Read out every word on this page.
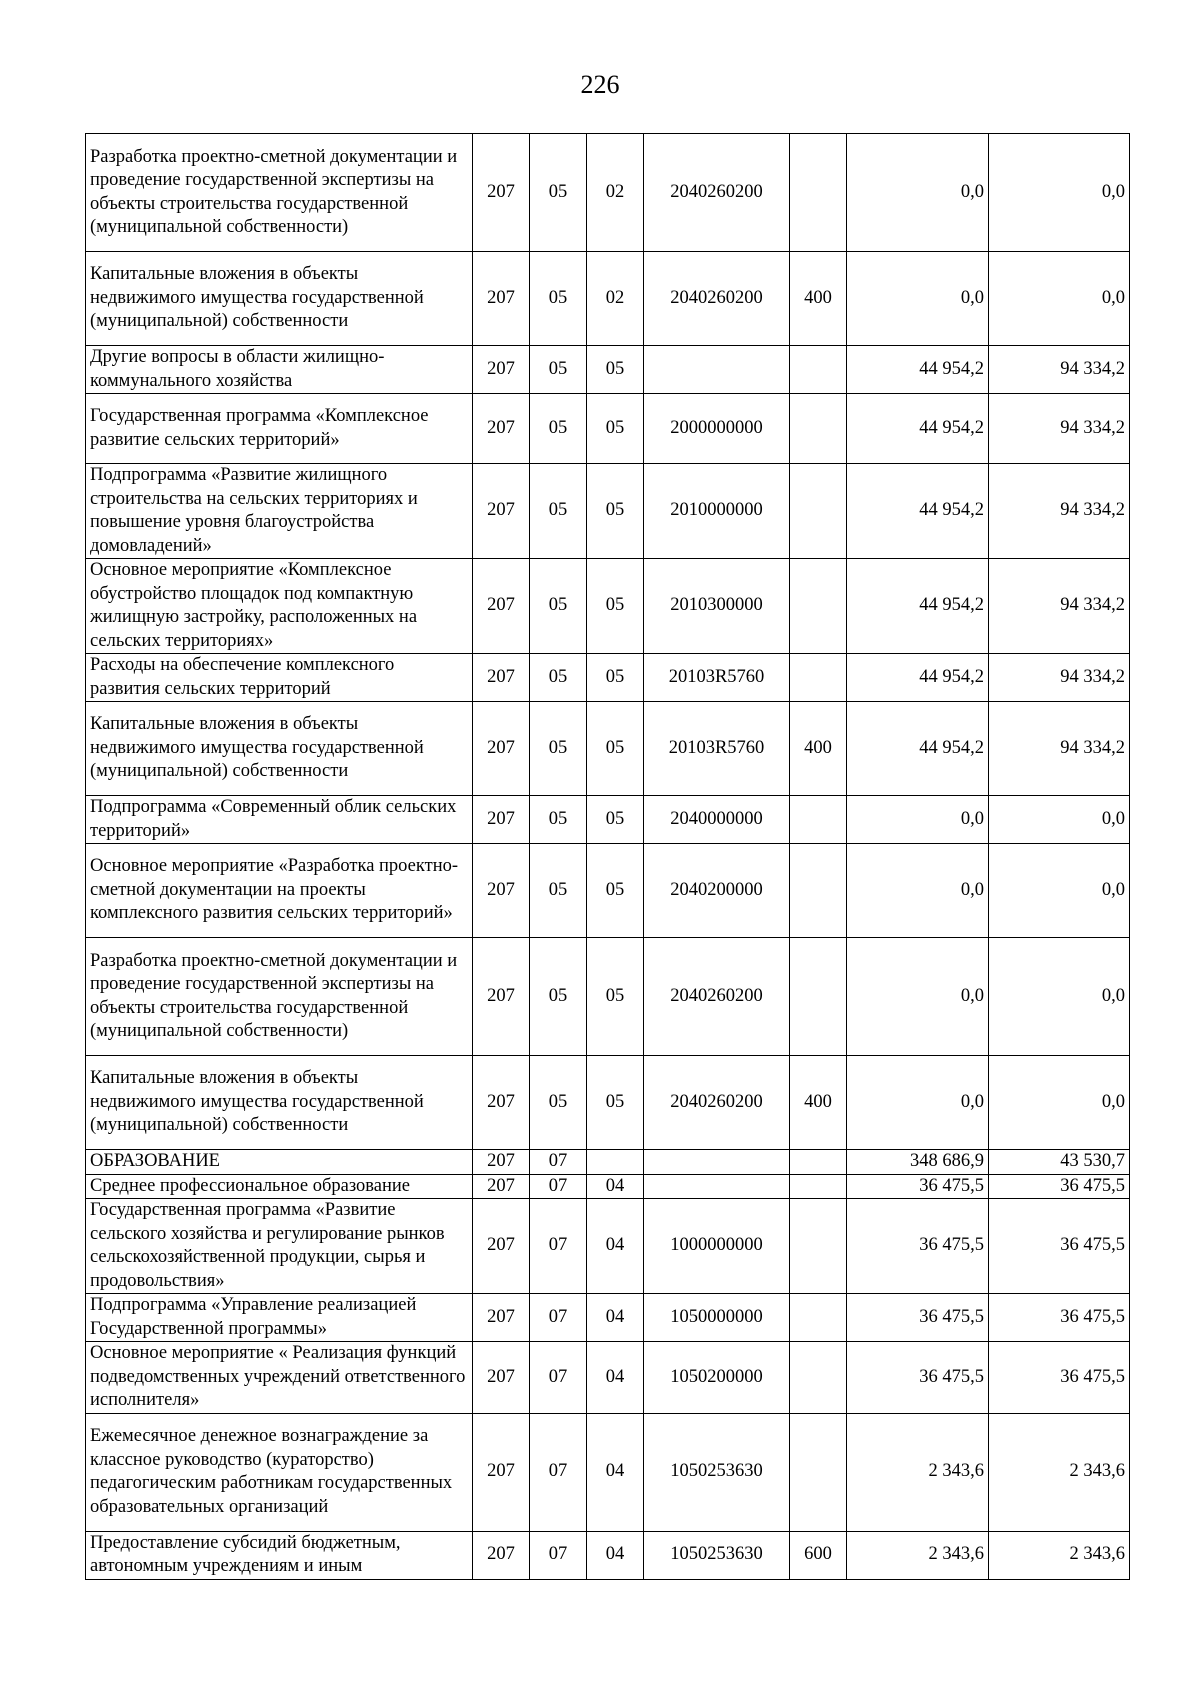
226
Разработка проектно-сметной документации и проведение государственной экспертизы на объекты строительства государственной (муниципальной собственности)	207	05	02	2040260200		0,0	0,0
Капитальные вложения в объекты недвижимого имущества государственной (муниципальной) собственности	207	05	02	2040260200	400	0,0	0,0
Другие вопросы в области жилищно-коммунального хозяйства	207	05	05			44 954,2	94 334,2
Государственная программа «Комплексное развитие сельских территорий»	207	05	05	2000000000		44 954,2	94 334,2
Подпрограмма «Развитие жилищного строительства на сельских территориях и повышение уровня благоустройства домовладений»	207	05	05	2010000000		44 954,2	94 334,2
Основное мероприятие «Комплексное обустройство площадок под компактную жилищную застройку, расположенных на сельских территориях»	207	05	05	2010300000		44 954,2	94 334,2
Расходы на обеспечение комплексного развития сельских территорий	207	05	05	20103R5760		44 954,2	94 334,2
Капитальные вложения в объекты недвижимого имущества государственной (муниципальной) собственности	207	05	05	20103R5760	400	44 954,2	94 334,2
Подпрограмма «Современный облик сельских территорий»	207	05	05	2040000000		0,0	0,0
Основное мероприятие «Разработка проектно- сметной документации на проекты комплексного развития сельских территорий»	207	05	05	2040200000		0,0	0,0
Разработка проектно-сметной документации и проведение государственной экспертизы на объекты строительства государственной (муниципальной собственности)	207	05	05	2040260200		0,0	0,0
Капитальные вложения в объекты недвижимого имущества государственной (муниципальной) собственности	207	05	05	2040260200	400	0,0	0,0
ОБРАЗОВАНИЕ	207	07				348 686,9	43 530,7
Среднее профессиональное образование	207	07	04			36 475,5	36 475,5
Государственная программа «Развитие сельского хозяйства и регулирование рынков сельскохозяйственной продукции, сырья и продовольствия»	207	07	04	1000000000		36 475,5	36 475,5
Подпрограмма «Управление реализацией Государственной программы»	207	07	04	1050000000		36 475,5	36 475,5
Основное мероприятие « Реализация функций подведомственных учреждений ответственного исполнителя»	207	07	04	1050200000		36 475,5	36 475,5
Ежемесячное денежное вознаграждение за классное руководство (кураторство) педагогическим работникам государственных образовательных организаций	207	07	04	1050253630		2 343,6	2 343,6
Предоставление субсидий бюджетным, автономным учреждениям и иным	207	07	04	1050253630	600	2 343,6	2 343,6
